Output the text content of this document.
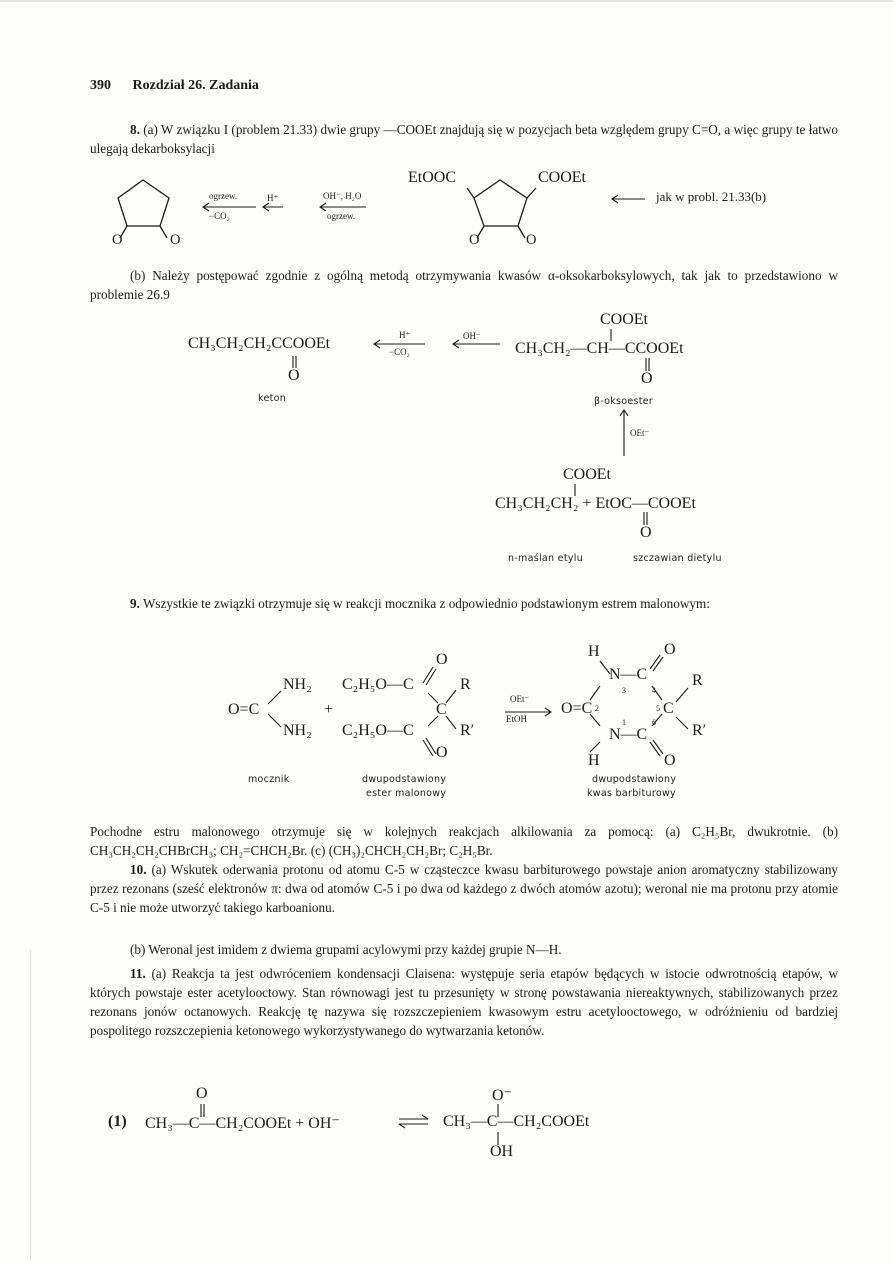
390 Rozdział 26. Zadania
8. (a) W związku I (problem 21.33) dwie grupy —COOEt znajdują się w pozycjach beta względem grupy C=O, a więc grupy te łatwo ulegają dekarboksylacji
O	O
ogrzew.
−CO₂
H⁺	OH⁻, H₂O
ogrzew.
EtOOC	COOEt
O	O
jak w probl. 21.33(b)
(b) Należy postępować zgodnie z ogólną metodą otrzymywania kwasów α-oksokarboksylowych, tak jak to przedstawiono w problemie 26.9
CH₃CH₂CH₂CCOOEt
O
keton
H⁺
−CO₂
OH⁻
COOEt
CH₃CH₂—CH—CCOOEt
O
β-oksoester
OEt⁻
COOEt
CH₃CH₂CH₂ + EtOC—COOEt
O
n-maślan etylu	szczawian dietylu
9. Wszystkie te związki otrzymuje się w reakcji mocznika z odpowiednio podstawionym estrem malonowym:
NH₂
O=C
NH₂
+
O
C₂H₅O—C	R
C
C₂H₅O—C	R′
O
OEt⁻
EtOH
H	O
N—C	R
O=C	C
R′
N—C
H	O
3	4
2	5
1	6
mocznik	dwupodstawiony
ester malonowy
dwupodstawiony
kwas barbiturowy
Pochodne estru malonowego otrzymuje się w kolejnych reakcjach alkilowania za pomocą: (a) C₂H₅Br, dwukrotnie. (b) CH₃CH₂CH₂CHBrCH₃; CH₂=CHCH₂Br. (c) (CH₃)₂CHCH₂CH₂Br; C₂H₅Br.
10. (a) Wskutek oderwania protonu od atomu C-5 w cząsteczce kwasu barbiturowego powstaje anion aromatyczny stabilizowany przez rezonans (sześć elektronów π: dwa od atomów C-5 i po dwa od każdego z dwóch atomów azotu); weronal nie ma protonu przy atomie C-5 i nie może utworzyć takiego karboanionu.
(b) Weronal jest imidem z dwiema grupami acylowymi przy każdej grupie N—H.
11. (a) Reakcja ta jest odwróceniem kondensacji Claisena: występuje seria etapów będących w istocie odwrotnością etapów, w których powstaje ester acetylooctowy. Stan równowagi jest tu przesunięty w stronę powstawania niereaktywnych, stabilizowanych przez rezonans jonów octanowych. Reakcję tę nazywa się rozszczepieniem kwasowym estru acetylooctowego, w odróżnieniu od bardziej pospolitego rozszczepienia ketonowego wykorzystywanego do wytwarzania ketonów.
O
(1) CH₃—C—CH₂COOEt + OH⁻
O⁻
CH₃—C—CH₂COOEt
OH
